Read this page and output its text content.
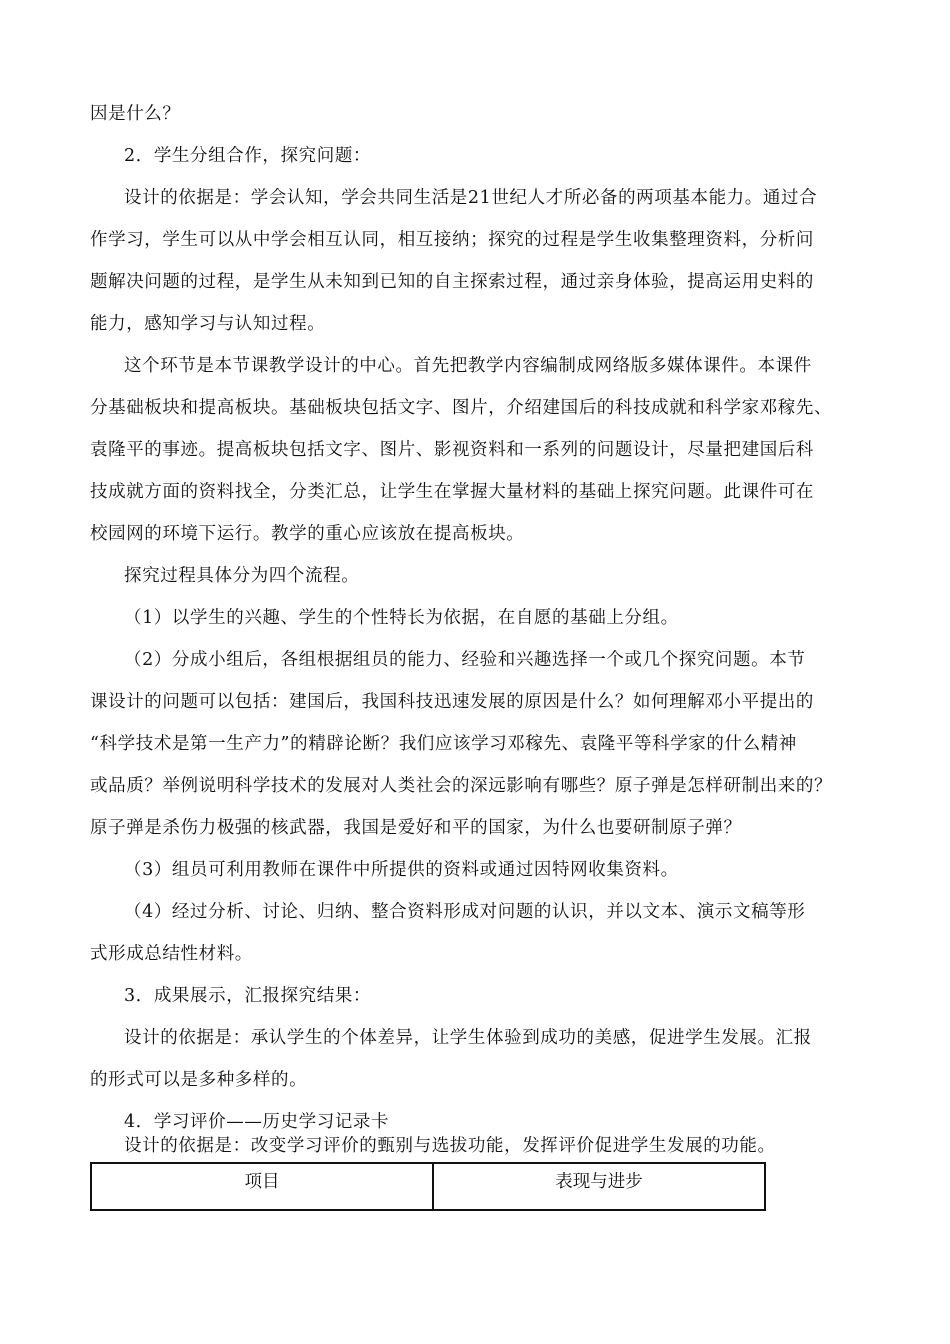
因是什么？
2．学生分组合作，探究问题：
设计的依据是：学会认知，学会共同生活是21世纪人才所必备的两项基本能力。通过合
作学习，学生可以从中学会相互认同，相互接纳；探究的过程是学生收集整理资料，分析问
题解决问题的过程，是学生从未知到已知的自主探索过程，通过亲身体验，提高运用史料的
能力，感知学习与认知过程。
这个环节是本节课教学设计的中心。首先把教学内容编制成网络版多媒体课件。本课件
分基础板块和提高板块。基础板块包括文字、图片，介绍建国后的科技成就和科学家邓稼先、
袁隆平的事迹。提高板块包括文字、图片、影视资料和一系列的问题设计，尽量把建国后科
技成就方面的资料找全，分类汇总，让学生在掌握大量材料的基础上探究问题。此课件可在
校园网的环境下运行。教学的重心应该放在提高板块。
探究过程具体分为四个流程。
（1）以学生的兴趣、学生的个性特长为依据，在自愿的基础上分组。
（2）分成小组后，各组根据组员的能力、经验和兴趣选择一个或几个探究问题。本节
课设计的问题可以包括：建国后，我国科技迅速发展的原因是什么？如何理解邓小平提出的
“科学技术是第一生产力”的精辟论断？我们应该学习邓稼先、袁隆平等科学家的什么精神
或品质？举例说明科学技术的发展对人类社会的深远影响有哪些？原子弹是怎样研制出来的？
原子弹是杀伤力极强的核武器，我国是爱好和平的国家，为什么也要研制原子弹？
（3）组员可利用教师在课件中所提供的资料或通过因特网收集资料。
（4）经过分析、讨论、归纳、整合资料形成对问题的认识，并以文本、演示文稿等形
式形成总结性材料。
3．成果展示，汇报探究结果：
设计的依据是：承认学生的个体差异，让学生体验到成功的美感，促进学生发展。汇报
的形式可以是多种多样的。
4．学习评价——历史学习记录卡
设计的依据是：改变学习评价的甄别与选拔功能，发挥评价促进学生发展的功能。
项目	表现与进步
